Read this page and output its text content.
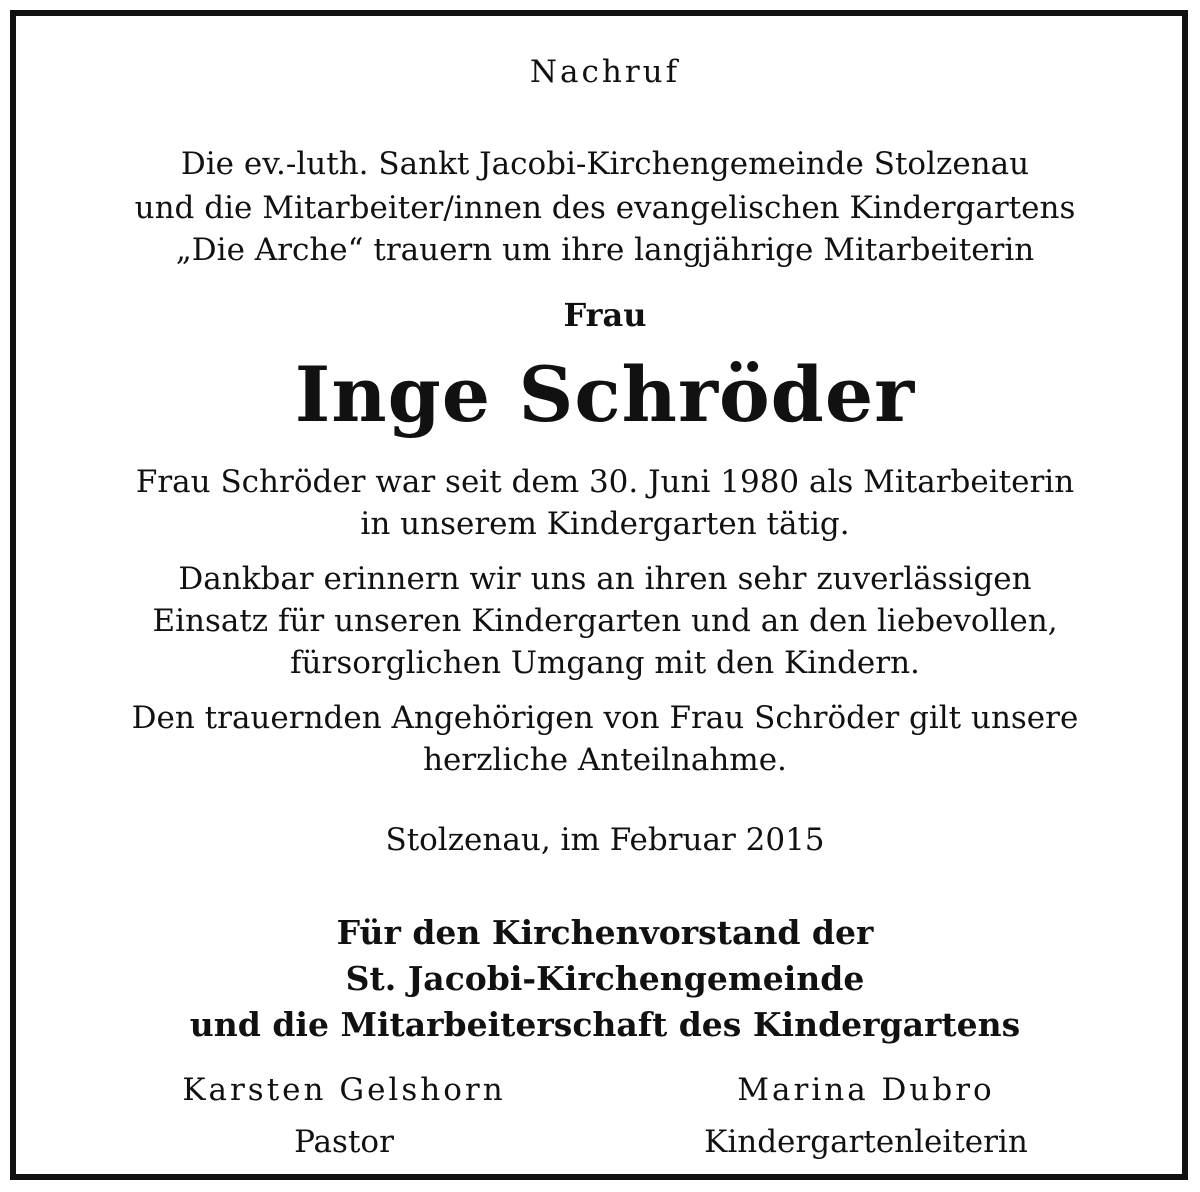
Nachruf
Die ev.-luth. Sankt Jacobi-Kirchengemeinde Stolzenau
und die Mitarbeiter/innen des evangelischen Kindergartens
„Die Arche“ trauern um ihre langjährige Mitarbeiterin
Frau
Inge Schröder
Frau Schröder war seit dem 30. Juni 1980 als Mitarbeiterin
in unserem Kindergarten tätig.
Dankbar erinnern wir uns an ihren sehr zuverlässigen
Einsatz für unseren Kindergarten und an den liebevollen,
fürsorglichen Umgang mit den Kindern.
Den trauernden Angehörigen von Frau Schröder gilt unsere
herzliche Anteilnahme.
Stolzenau, im Februar 2015
Für den Kirchenvorstand der
St. Jacobi-Kirchengemeinde
und die Mitarbeiterschaft des Kindergartens
Karsten Gelshorn
Pastor
Marina Dubro
Kindergartenleiterin
